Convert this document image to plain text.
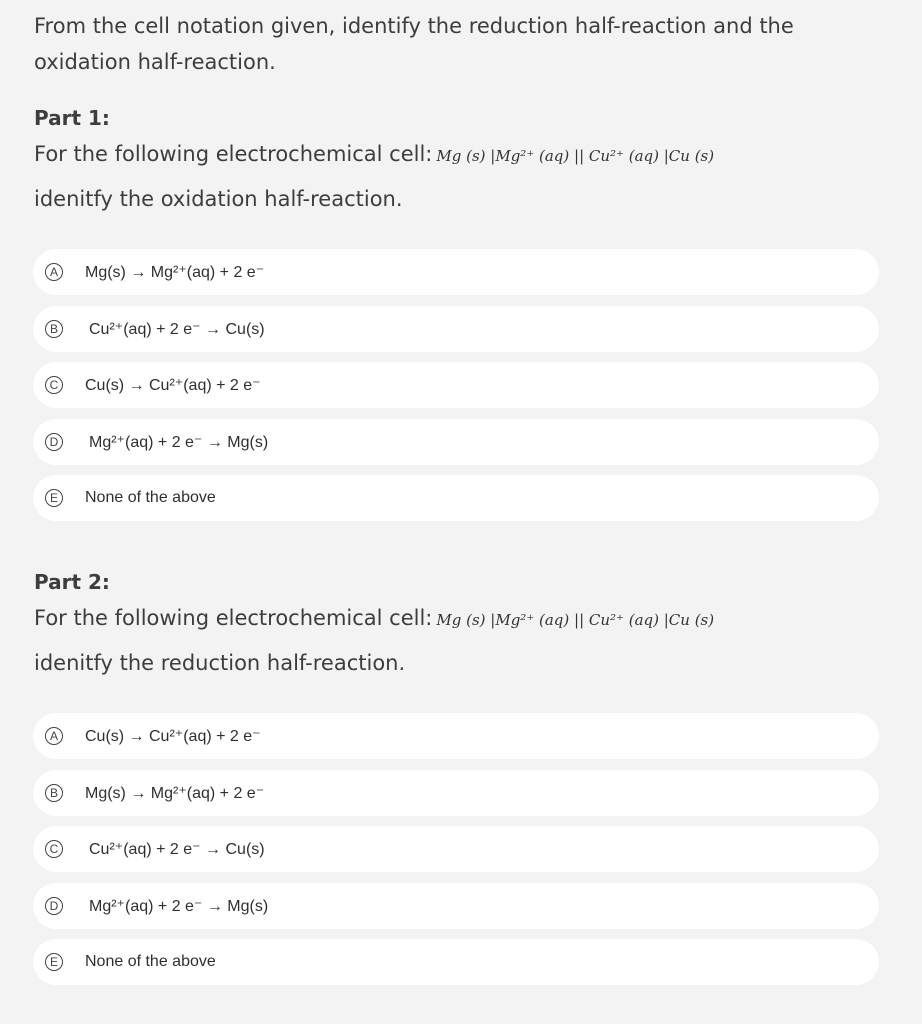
From the cell notation given, identify the reduction half-reaction and the oxidation half-reaction.
Part 1:
For the following electrochemical cell: Mg (s) |Mg²⁺ (aq) || Cu²⁺ (aq) |Cu (s)
idenitfy the oxidation half-reaction.
A	Mg(s) → Mg²⁺(aq) + 2 e⁻
B	Cu²⁺(aq) + 2 e⁻ → Cu(s)
C Cu(s) → Cu²⁺(aq) + 2 e⁻
D Mg²⁺(aq) + 2 e⁻ → Mg(s)
E	None of the above
Part 2:
For the following electrochemical cell: Mg (s) |Mg²⁺ (aq) || Cu²⁺ (aq) |Cu (s)
idenitfy the reduction half-reaction.
A	Cu(s) → Cu²⁺(aq) + 2 e⁻
B	Mg(s) → Mg²⁺(aq) + 2 e⁻
C Cu²⁺(aq) + 2 e⁻ → Cu(s)
D Mg²⁺(aq) + 2 e⁻ → Mg(s)
E	None of the above
